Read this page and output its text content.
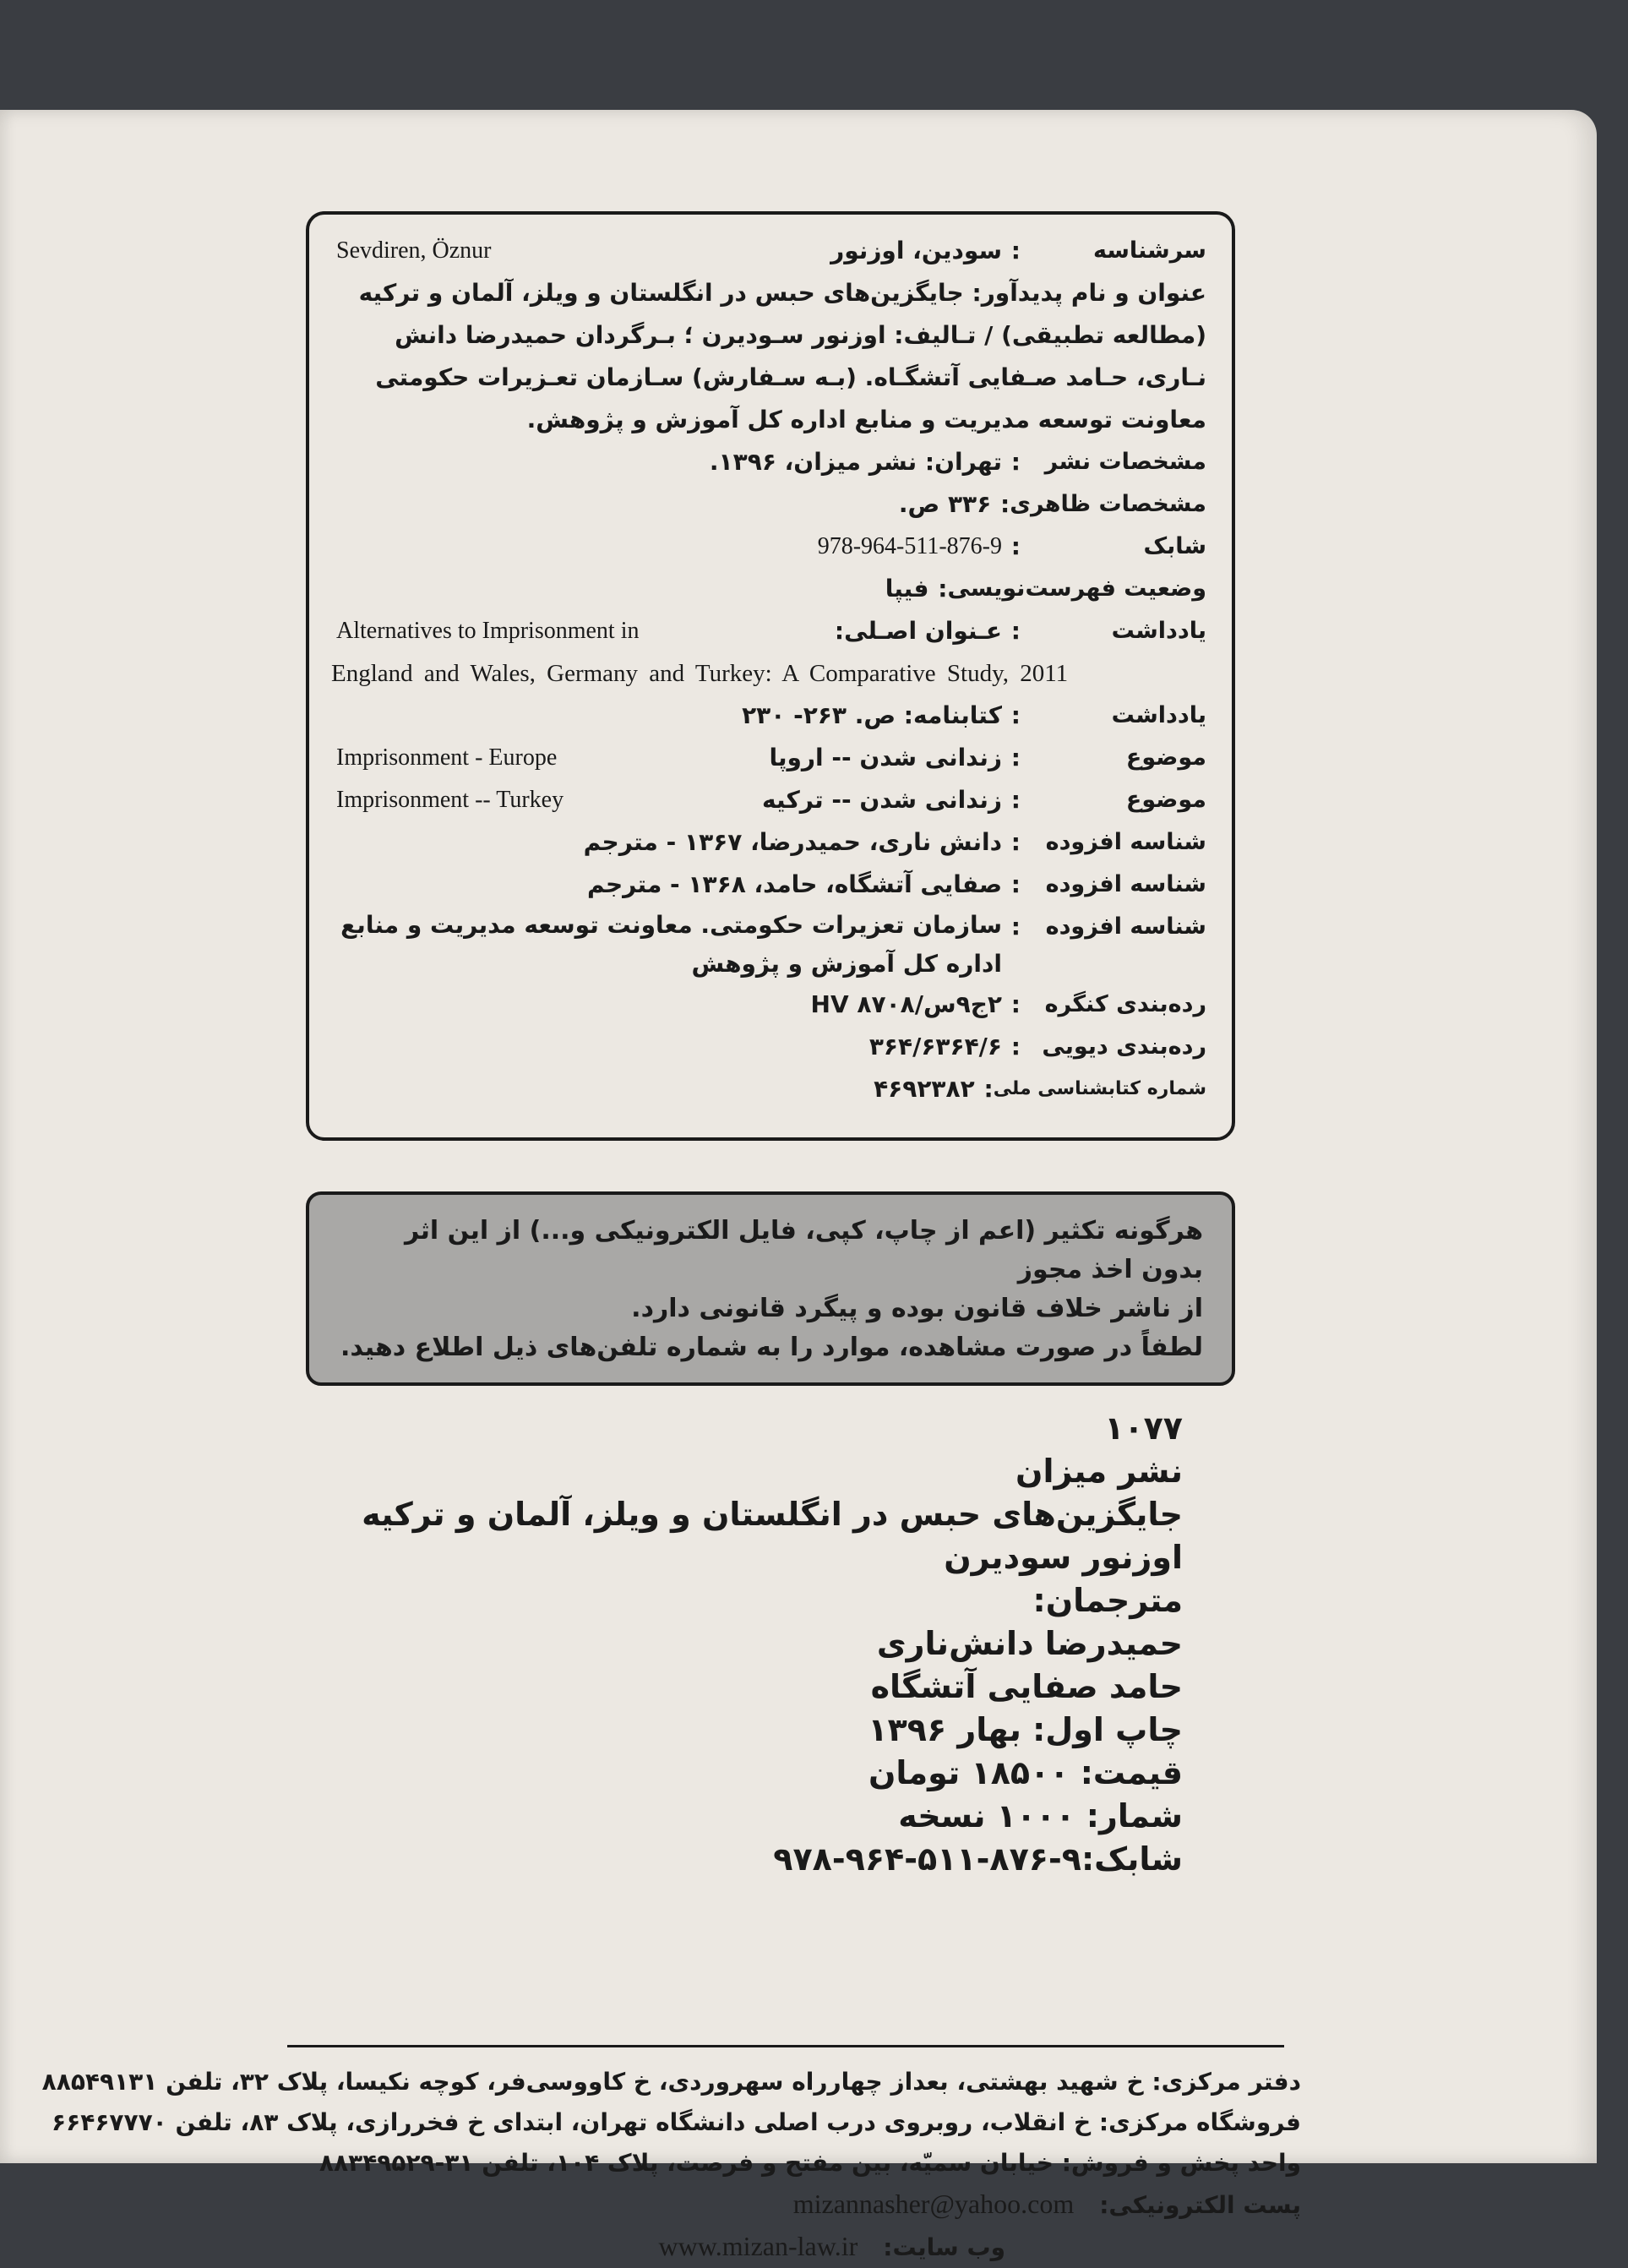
سرشناسه
:
سودین، اوزنور
Sevdiren, Öznur
عنوان و نام پدیدآور: جایگزین‌های حبس در انگلستان و ویلز، آلمان و ترکیه (مطالعه تطبیقی) / تـالیف: اوزنور سـودیرن ؛ بـرگردان حمیدرضا دانش نـاری، حـامد صـفایی آتشگـاه. (بـه سـفارش) سـازمان تعـزیرات حکومتی معاونت توسعه مدیریت و منابع اداره کل آموزش و پژوهش.
مشخصات نشر
:
تهران: نشر میزان، ۱۳۹۶.
مشخصات ظاهری
:
۳۳۶ ص.
شابک
:
978-964-511-876-9
وضعیت فهرست‌نویسی
:
فیپا
یادداشت
:
عـنوان اصـلی:
Alternatives to Imprisonment in
England and Wales, Germany and Turkey: A Comparative Study, 2011
یادداشت
:
کتابنامه: ص. ۲۶۳- ۲۳۰
موضوع
:
زندانی شدن -- اروپا
Imprisonment - Europe
موضوع
:
زندانی شدن -- ترکیه
Imprisonment -- Turkey
شناسه افزوده
:
دانش ناری، حمیدرضا، ۱۳۶۷ - مترجم
شناسه افزوده
:
صفایی آتشگاه، حامد، ۱۳۶۸ - مترجم
شناسه افزوده
:
سازمان تعزیرات حکومتی. معاونت توسعه مدیریت و منابع اداره کل آموزش و پژوهش
رده‌بندی کنگره
:
۲ج۹س/HV ۸۷۰۸
رده‌بندی دیویی
:
۳۶۴/۶۳۶۴/۶
شماره کتابشناسی ملی
:
۴۶۹۲۳۸۲
هرگونه تکثیر (اعم از چاپ، کپی، فایل الکترونیکی و...) از این اثر بدون اخذ مجوز
از ناشر خلاف قانون بوده و پیگرد قانونی دارد.
لطفاً در صورت مشاهده، موارد را به شماره تلفن‌های ذیل اطلاع دهید.
۱۰۷۷
نشر میزان
جایگزین‌های حبس در انگلستان و ویلز، آلمان و ترکیه
اوزنور سودیرن
مترجمان:
حمیدرضا دانش‌ناری
حامد صفایی آتشگاه
چاپ اول: بهار ۱۳۹۶
قیمت: ۱۸۵۰۰ تومان
شمار: ۱۰۰۰ نسخه
شابک:۹-۸۷۶-۵۱۱-۹۶۴-۹۷۸
دفتر مرکزی: خ شهید بهشتی، بعداز چهارراه سهروردی، خ کاووسی‌فر، کوچه نکیسا، پلاک ۳۲، تلفن ۸۸۵۴۹۱۳۱
فروشگاه مرکزی: خ انقلاب، روبروی درب اصلی دانشگاه تهران، ابتدای خ فخررازی، پلاک ۸۳، تلفن ۶۶۴۶۷۷۷۰
واحد پخش و فروش: خیابان سمیّه، بین مفتح و فرصت، پلاک ۱۰۴، تلفن ۳۱-۸۸۳۴۹۵۲۹
پست الکترونیکی:
mizannasher@yahoo.com
وب سایت:
www.mizan-law.ir
